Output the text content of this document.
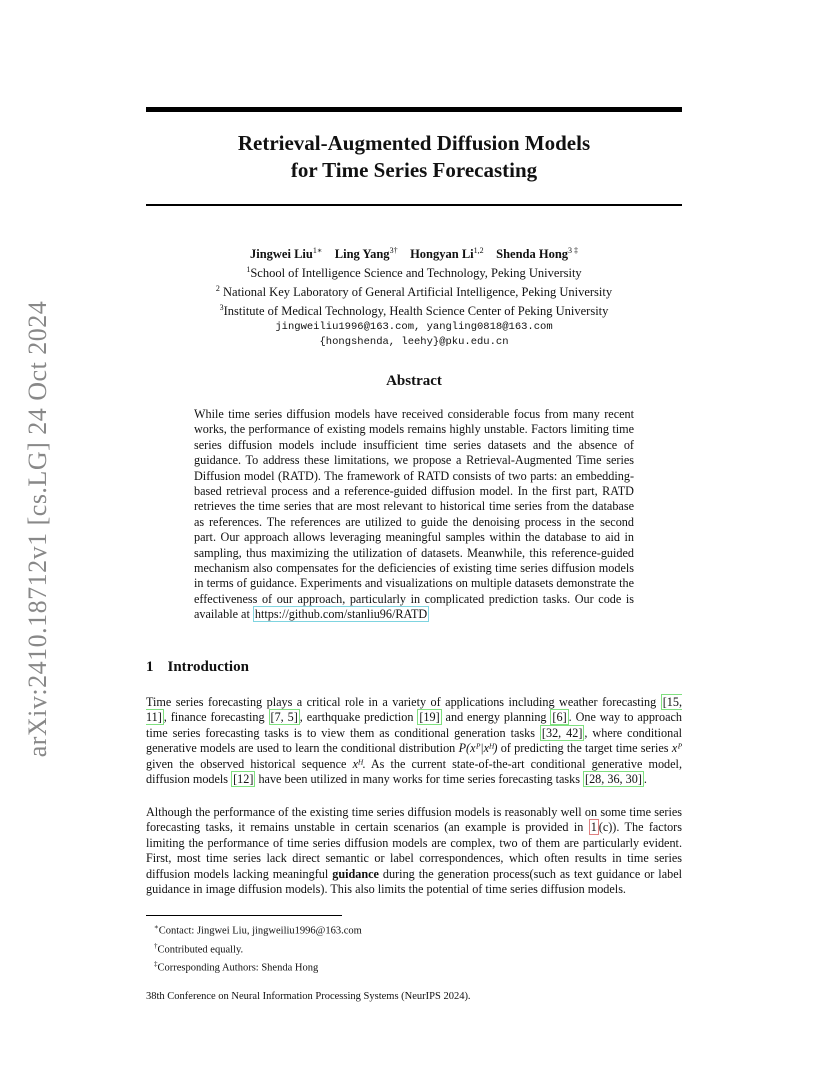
arXiv:2410.18712v1 [cs.LG] 24 Oct 2024
Retrieval-Augmented Diffusion Models
for Time Series Forecasting
Jingwei Liu$^{1∗}$ Ling Yang$^{3\dagger}$ Hongyan Li$^{1,2}$ Shenda Hong$^{3 \ddagger}$
$^1$School of Intelligence Science and Technology, Peking University
$^2$ National Key Laboratory of General Artificial Intelligence, Peking University
$^3$Institute of Medical Technology, Health Science Center of Peking University
jingweiliu1996@163.com, yangling0818@163.com
{hongshenda, leehy}@pku.edu.cn
Abstract
While time series diffusion models have received considerable focus from many recent works, the performance of existing models remains highly unstable. Factors limiting time series diffusion models include insufficient time series datasets and the absence of guidance. To address these limitations, we propose a Retrieval-Augmented Time series Diffusion model (RATD). The framework of RATD consists of two parts: an embedding-based retrieval process and a reference-guided diffusion model. In the first part, RATD retrieves the time series that are most relevant to historical time series from the database as references. The references are utilized to guide the denoising process in the second part. Our approach allows leveraging meaningful samples within the database to aid in sampling, thus maximizing the utilization of datasets. Meanwhile, this reference-guided mechanism also compensates for the deficiencies of existing time series diffusion models in terms of guidance. Experiments and visualizations on multiple datasets demonstrate the effectiveness of our approach, particularly in complicated prediction tasks. Our code is available at https://github.com/stanliu96/RATD
1 Introduction
Time series forecasting plays a critical role in a variety of applications including weather forecasting [15, 11] , finance forecasting [7, 5] , earthquake prediction [19] and energy planning [6] . One way to approach time series forecasting tasks is to view them as conditional generation tasks [32, 42] , where conditional generative models are used to learn the conditional distribution P(xᴾ|xᴴ) of predicting the target time series xᴾ given the observed historical sequence xᴴ. As the current state-of-the-art conditional generative model, diffusion models [12] have been utilized in many works for time series forecasting tasks [28, 36, 30] .
Although the performance of the existing time series diffusion models is reasonably well on some time series forecasting tasks, it remains unstable in certain scenarios (an example is provided in 1 (c)). The factors limiting the performance of time series diffusion models are complex, two of them are particularly evident. First, most time series lack direct semantic or label correspondences, which often results in time series diffusion models lacking meaningful guidance during the generation process(such as text guidance or label guidance in image diffusion models). This also limits the potential of time series diffusion models.
∗Contact: Jingwei Liu, jingweiliu1996@163.com
†Contributed equally.
‡Corresponding Authors: Shenda Hong
38th Conference on Neural Information Processing Systems (NeurIPS 2024).
